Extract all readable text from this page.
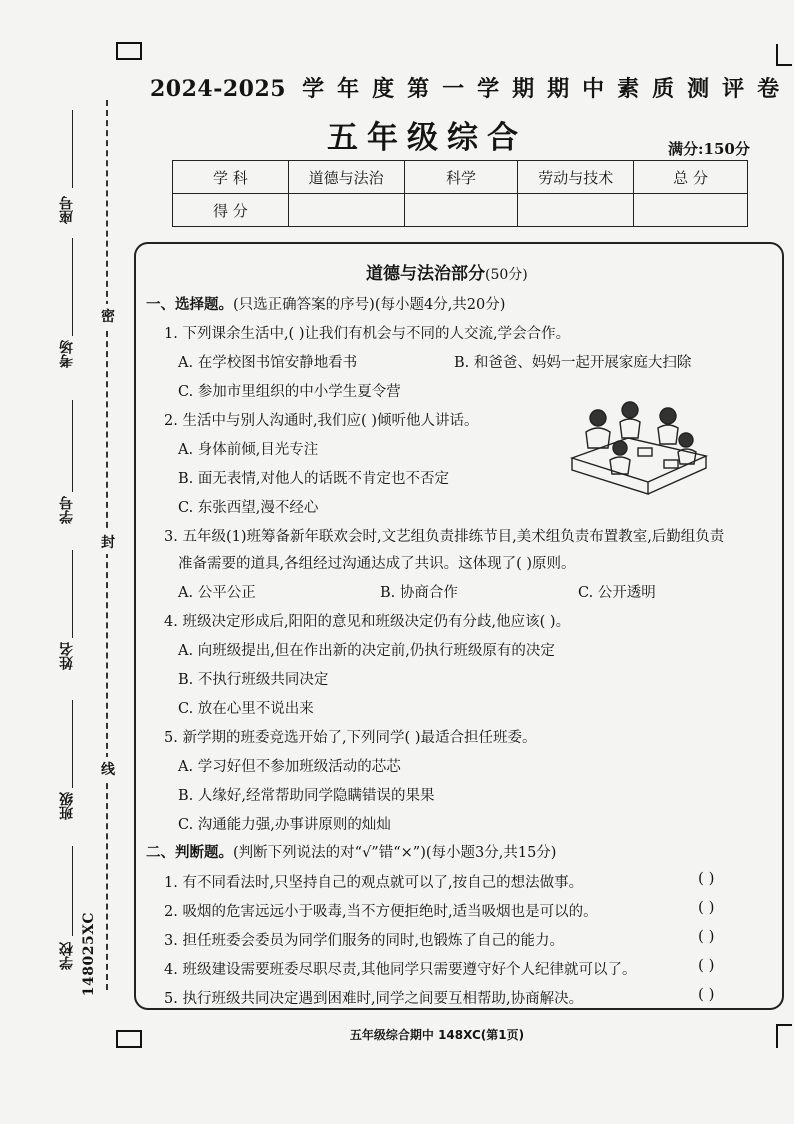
座号
考场
学号
姓名
班级
学校 148025XC
密
封
线
2024-2025 学年度第一学期期中素质测评卷
五年级综合	满分:150分
学 科	道德与法治	科学	劳动与技术	总 分
得 分				
道德与法治部分(50分)
一、选择题。(只选正确答案的序号)(每小题4分,共20分)
1. 下列课余生活中,( )让我们有机会与不同的人交流,学会合作。
A. 在学校图书馆安静地看书	B. 和爸爸、妈妈一起开展家庭大扫除
C. 参加市里组织的中小学生夏令营
2. 生活中与别人沟通时,我们应( )倾听他人讲话。
A. 身体前倾,目光专注
B. 面无表情,对他人的话既不肯定也不否定
C. 东张西望,漫不经心
3. 五年级(1)班筹备新年联欢会时,文艺组负责排练节目,美术组负责布置教室,后勤组负责
准备需要的道具,各组经过沟通达成了共识。这体现了( )原则。
A. 公平公正	B. 协商合作	C. 公开透明
4. 班级决定形成后,阳阳的意见和班级决定仍有分歧,他应该( )。
A. 向班级提出,但在作出新的决定前,仍执行班级原有的决定
B. 不执行班级共同决定
C. 放在心里不说出来
5. 新学期的班委竞选开始了,下列同学( )最适合担任班委。
A. 学习好但不参加班级活动的芯芯
B. 人缘好,经常帮助同学隐瞒错误的果果
C. 沟通能力强,办事讲原则的灿灿
二、判断题。(判断下列说法的对“√”错“×”)(每小题3分,共15分)
1. 有不同看法时,只坚持自己的观点就可以了,按自己的想法做事。	( )
2. 吸烟的危害远远小于吸毒,当不方便拒绝时,适当吸烟也是可以的。	( )
3. 担任班委会委员为同学们服务的同时,也锻炼了自己的能力。	( )
4. 班级建设需要班委尽职尽责,其他同学只需要遵守好个人纪律就可以了。	( )
5. 执行班级共同决定遇到困难时,同学之间要互相帮助,协商解决。	( )
五年级综合期中 148XC(第1页)
